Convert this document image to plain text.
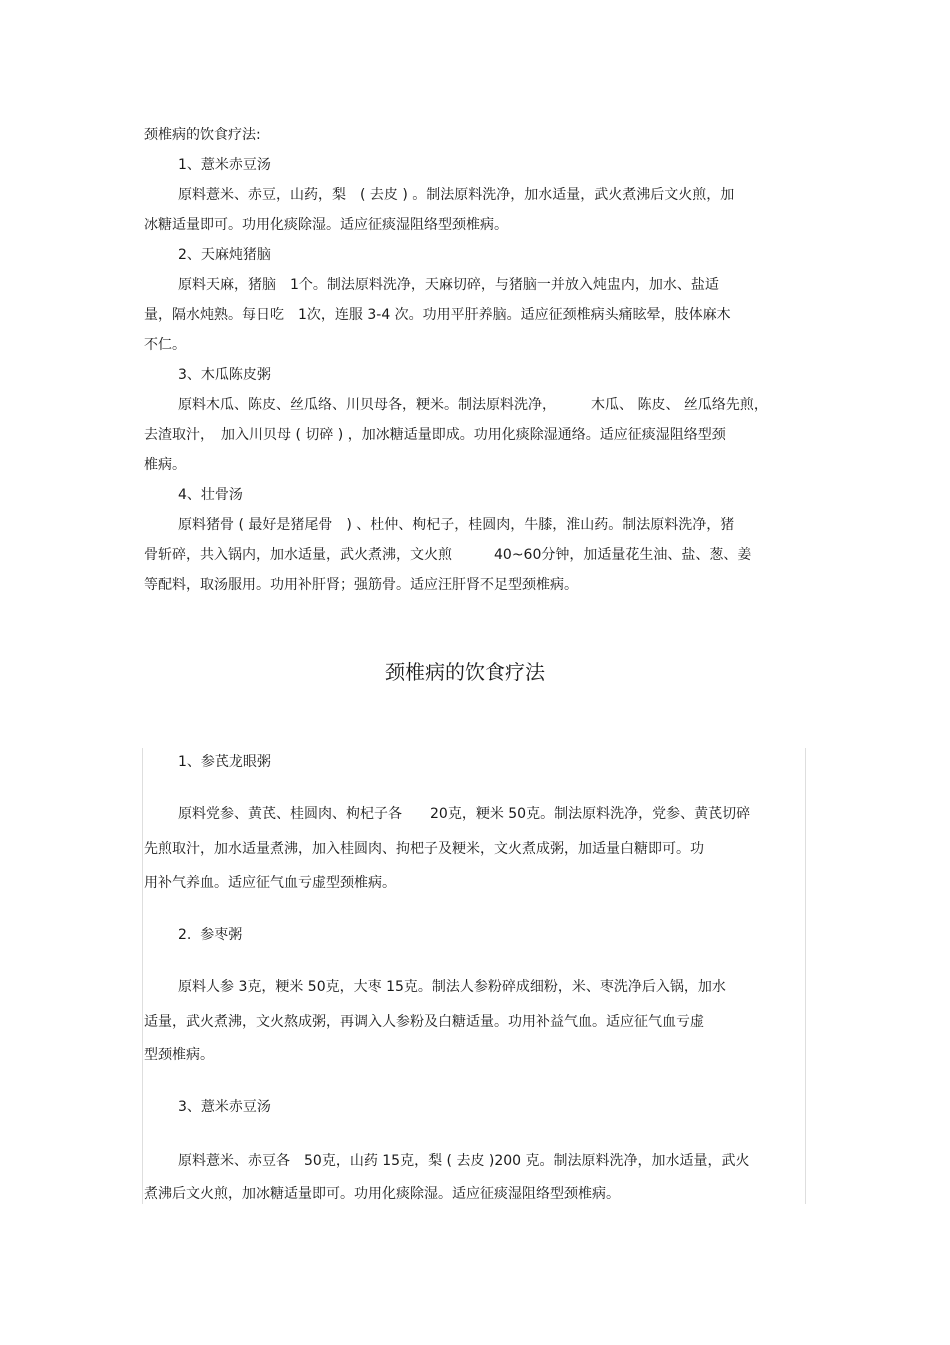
颈椎病的饮食疗法:

1、薏米赤豆汤

原料薏米、赤豆，山药，梨　( 去皮 ) 。制法原料洗净，加水适量，武火煮沸后文火煎，加

冰糖适量即可。功用化痰除湿。适应征痰湿阻络型颈椎病。

2、天麻炖猪脑

原料天麻，猪脑　1个。制法原料洗净，天麻切碎，与猪脑一并放入炖盅内，加水、盐适

量，隔水炖熟。每日吃　1次，连服 3-4 次。功用平肝养脑。适应征颈椎病头痛眩晕，肢体麻木

不仁。

3、木瓜陈皮粥

原料木瓜、陈皮、丝瓜络、川贝母各，粳米。制法原料洗净，　　　木瓜、 陈皮、 丝瓜络先煎，

去渣取汁，　加入川贝母 ( 切碎 ) ，加冰糖适量即成。功用化痰除湿通络。适应征痰湿阻络型颈

椎病。

4、壮骨汤

原料猪骨 ( 最好是猪尾骨　) 、杜仲、枸杞子，桂圆肉，牛膝，淮山药。制法原料洗净，猪

骨斩碎，共入锅内，加水适量，武火煮沸，文火煎　　　40~60分钟，加适量花生油、盐、葱、姜

等配料，取汤服用。功用补肝肾；强筋骨。适应汪肝肾不足型颈椎病。

颈椎病的饮食疗法

1、参芪龙眼粥

原料党参、黄芪、桂圆肉、枸杞子各　　20克，粳米 50克。制法原料洗净，党参、黄芪切碎

先煎取汁，加水适量煮沸，加入桂圆肉、拘杷子及粳米，文火煮成粥，加适量白糖即可。功

用补气养血。适应征气血亏虚型颈椎病。

2.  参枣粥

原料人参 3克，粳米 50克，大枣 15克。制法人参粉碎成细粉，米、枣洗净后入锅，加水

适量，武火煮沸，文火熬成粥，再调入人参粉及白糖适量。功用补益气血。适应征气血亏虚

型颈椎病。

3、薏米赤豆汤

原料薏米、赤豆各　50克，山药 15克，梨 ( 去皮 )200 克。制法原料洗净，加水适量，武火

煮沸后文火煎，加冰糖适量即可。功用化痰除湿。适应征痰湿阻络型颈椎病。
